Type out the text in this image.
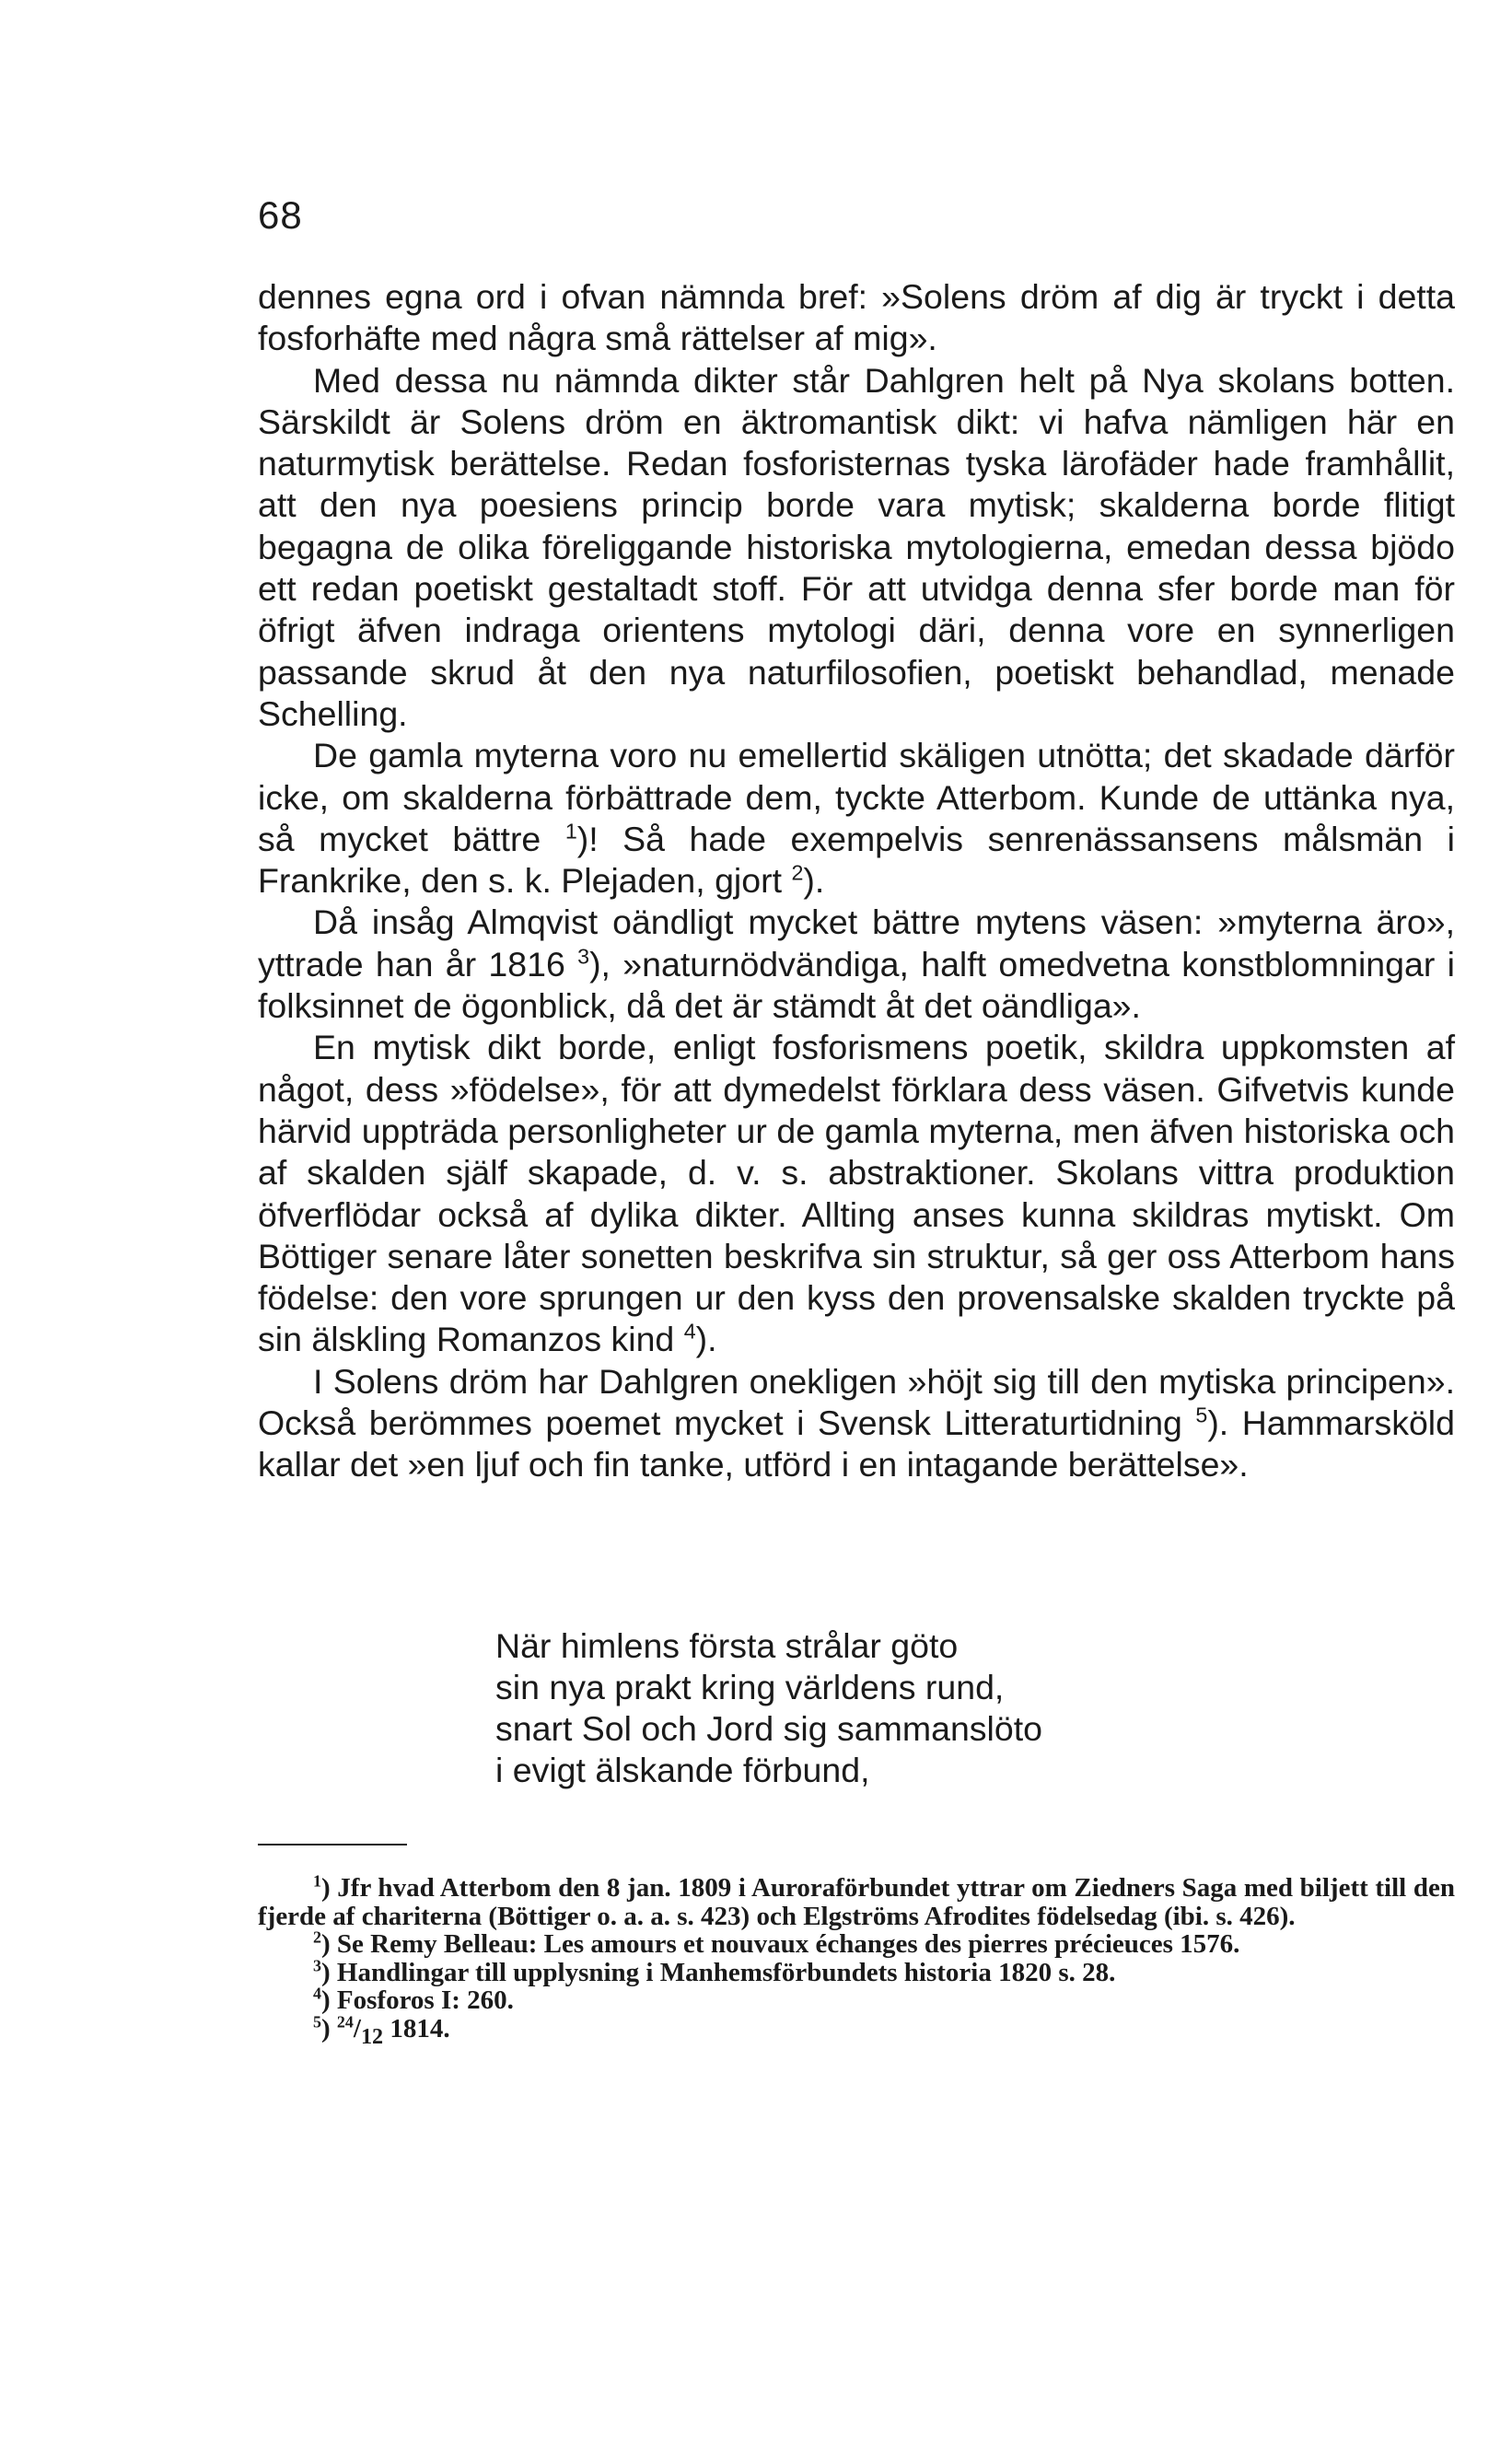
68

dennes egna ord i ofvan nämnda bref: »Solens dröm af dig är tryckt i detta fosforhäfte med några små rättelser af mig».

Med dessa nu nämnda dikter står Dahlgren helt på Nya skolans botten. Särskildt är Solens dröm en äktromantisk dikt: vi hafva nämligen här en naturmytisk berättelse. Redan fosforisternas tyska lärofäder hade framhållit, att den nya poesiens princip borde vara mytisk; skalderna borde flitigt begagna de olika föreliggande historiska mytologierna, emedan dessa bjödo ett redan poetiskt gestaltadt stoff. För att utvidga denna sfer borde man för öfrigt äfven indraga orientens mytologi däri, denna vore en synnerligen passande skrud åt den nya naturfilosofien, poetiskt behandlad, menade Schelling.

De gamla myterna voro nu emellertid skäligen utnötta; det skadade därför icke, om skalderna förbättrade dem, tyckte Atterbom. Kunde de uttänka nya, så mycket bättre $^1$)! Så hade exempelvis senrenässansens målsmän i Frankrike, den s. k. Plejaden, gjort $^2$).

Då insåg Almqvist oändligt mycket bättre mytens väsen: »myterna äro», yttrade han år 1816 $^3$), »naturnödvändiga, halft omedvetna konstblomningar i folksinnet de ögonblick, då det är stämdt åt det oändliga».

En mytisk dikt borde, enligt fosforismens poetik, skildra uppkomsten af något, dess »födelse», för att dymedelst förklara dess väsen. Gifvetvis kunde härvid uppträda personligheter ur de gamla myterna, men äfven historiska och af skalden själf skapade, d. v. s. abstraktioner. Skolans vittra produktion öfverflödar också af dylika dikter. Allting anses kunna skildras mytiskt. Om Böttiger senare låter sonetten beskrifva sin struktur, så ger oss Atterbom hans födelse: den vore sprungen ur den kyss den provensalske skalden tryckte på sin älskling Romanzos kind $^4$).

I Solens dröm har Dahlgren onekligen »höjt sig till den mytiska principen». Också berömmes poemet mycket i Svensk Litteraturtidning $^5$). Hammarsköld kallar det »en ljuf och fin tanke, utförd i en intagande berättelse».

När himlens första strålar göto
sin nya prakt kring världens rund,
snart Sol och Jord sig sammanslöto
i evigt älskande förbund,

$^1$) Jfr hvad Atterbom den 8 jan. 1809 i Auroraförbundet yttrar om Ziedners Saga med biljett till den fjerde af chariterna (Böttiger o. a. a. s. 423) och Elgströms Afrodites födelsedag (ibi. s. 426).

$^2$) Se Remy Belleau: Les amours et nouvaux échanges des pierres précieuces 1576.

$^3$) Handlingar till upplysning i Manhemsförbundets historia 1820 s. 28.

$^4$) Fosforos I: 260.

$^5$) $^{24}/_{12}$ 1814.
